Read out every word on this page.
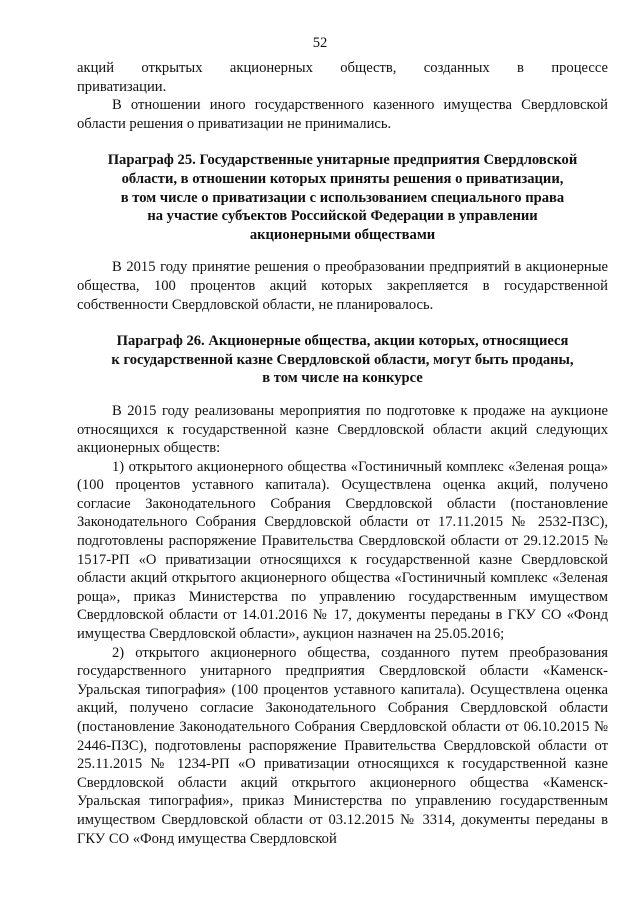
52

акций открытых акционерных обществ, созданных в процессе

приватизации.

В отношении иного государственного казенного имущества Свердловской области решения о приватизации не принимались.

Параграф 25. Государственные унитарные предприятия Свердловской
области, в отношении которых приняты решения о приватизации,
в том числе о приватизации с использованием специального права
на участие субъектов Российской Федерации в управлении
акционерными обществами

В 2015 году принятие решения о преобразовании предприятий в акционерные общества, 100 процентов акций которых закрепляется в государственной собственности Свердловской области, не планировалось.

Параграф 26. Акционерные общества, акции которых, относящиеся
к государственной казне Свердловской области, могут быть проданы,
в том числе на конкурсе

В 2015 году реализованы мероприятия по подготовке к продаже на аукционе относящихся к государственной казне Свердловской области акций следующих акционерных обществ:

1) открытого акционерного общества «Гостиничный комплекс «Зеленая роща» (100 процентов уставного капитала). Осуществлена оценка акций, получено согласие Законодательного Собрания Свердловской области (постановление Законодательного Собрания Свердловской области от 17.11.2015 № 2532-ПЗС), подготовлены распоряжение Правительства Свердловской области от 29.12.2015 № 1517-РП «О приватизации относящихся к государственной казне Свердловской области акций открытого акционерного общества «Гостиничный комплекс «Зеленая роща», приказ Министерства по управлению государственным имуществом Свердловской области от 14.01.2016 № 17, документы переданы в ГКУ СО «Фонд имущества Свердловской области», аукцион назначен на 25.05.2016;

2) открытого акционерного общества, созданного путем преобразования государственного унитарного предприятия Свердловской области «Каменск-Уральская типография» (100 процентов уставного капитала). Осуществлена оценка акций, получено согласие Законодательного Собрания Свердловской области (постановление Законодательного Собрания Свердловской области от 06.10.2015 № 2446-ПЗС), подготовлены распоряжение Правительства Свердловской области от 25.11.2015 № 1234-РП «О приватизации относящихся к государственной казне Свердловской области акций открытого акционерного общества «Каменск-Уральская типография», приказ Министерства по управлению государственным имуществом Свердловской области от 03.12.2015 № 3314, документы переданы в ГКУ СО «Фонд имущества Свердловской
